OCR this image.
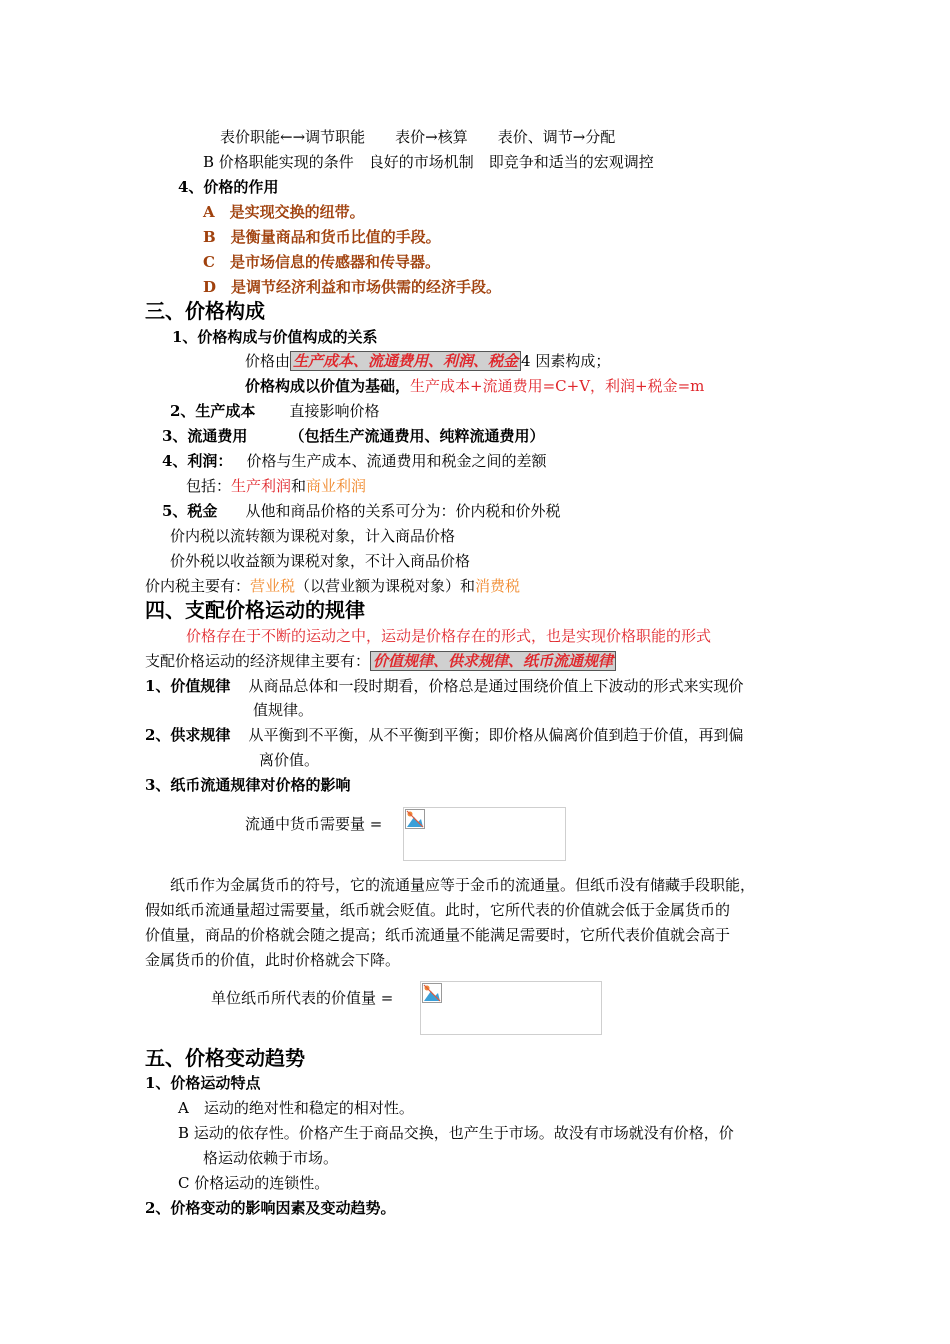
表价职能←→调节职能　　表价→核算　　表价、调节→分配
B 价格职能实现的条件　良好的市场机制　即竞争和适当的宏观调控
4、价格的作用
A　是实现交换的纽带。
B　是衡量商品和货币比值的手段。
C　是市场信息的传感器和传导器。
D　是调节经济利益和市场供需的经济手段。
三、价格构成
1、价格构成与价值构成的关系
价格由 生产成本、流通费用、利润、税金 4 因素构成；
价格构成以价值为基础，生产成本+流通费用=C+V，利润+税金=m
2、生产成本 直接影响价格
3、流通费用	（包括生产流通费用、纯粹流通费用）
4、利润： 价格与生产成本、流通费用和税金之间的差额
包括：生产利润和商业利润
5、税金 从他和商品价格的关系可分为：价内税和价外税
价内税以流转额为课税对象，计入商品价格
价外税以收益额为课税对象，不计入商品价格
价内税主要有：营业税（以营业额为课税对象）和消费税
四、支配价格运动的规律
价格存在于不断的运动之中，运动是价格存在的形式，也是实现价格职能的形式
支配价格运动的经济规律主要有： 价值规律、供求规律、纸币流通规律
1、价值规律 从商品总体和一段时期看，价格总是通过围绕价值上下波动的形式来实现价
值规律。
2、供求规律 从平衡到不平衡，从不平衡到平衡；即价格从偏离价值到趋于价值，再到偏
离价值。
3、纸币流通规律对价格的影响
流通中货币需要量 =
纸币作为金属货币的符号，它的流通量应等于金币的流通量。但纸币没有储藏手段职能，
假如纸币流通量超过需要量，纸币就会贬值。此时，它所代表的价值就会低于金属货币的
价值量，商品的价格就会随之提高；纸币流通量不能满足需要时，它所代表价值就会高于
金属货币的价值，此时价格就会下降。
单位纸币所代表的价值量 =
五、价格变动趋势
1、价格运动特点
A　运动的绝对性和稳定的相对性。
B 运动的依存性。价格产生于商品交换，也产生于市场。故没有市场就没有价格，价
格运动依赖于市场。
C 价格运动的连锁性。
2、价格变动的影响因素及变动趋势。
